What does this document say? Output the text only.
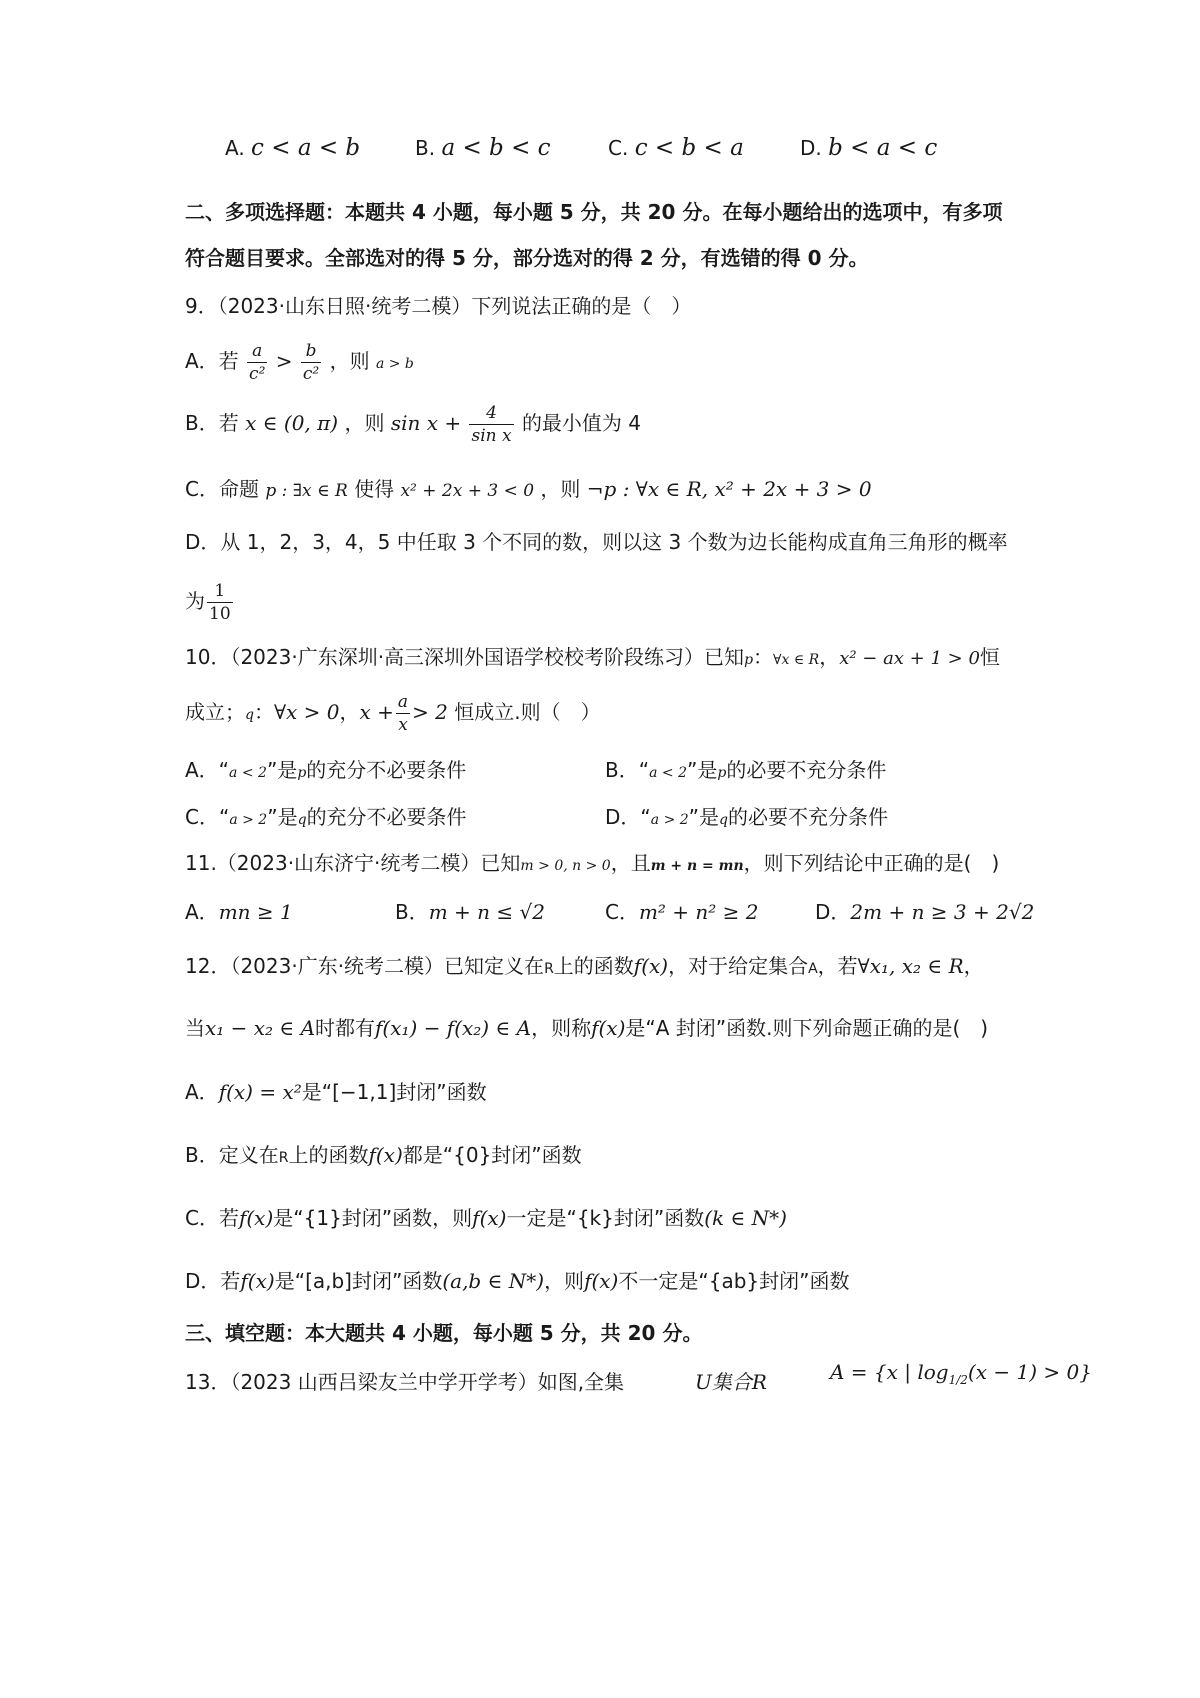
A. c < a < b	B. a < b < c	C. c < b < a	D. b < a < c
二、多项选择题：本题共 4 小题，每小题 5 分，共 20 分。在每小题给出的选项中，有多项
符合题目要求。全部选对的得 5 分，部分选对的得 2 分，有选错的得 0 分。
9．（2023·山东日照·统考二模）下列说法正确的是（　）
A．若 $\frac{a}{\text{c²}} > \frac{b}{\text{c²}}$ ，则 a > b
B．若 x ∈ (0, π) ，则 $\sin x + \frac{4}{\text{sin x}}$ 的最小值为 4
C．命题 p : ∃x ∈ R 使得 x² + 2x + 3 < 0 ，则 ¬p : ∀x ∈ R, x² + 2x + 3 > 0
D．从 1，2，3，4，5 中任取 3 个不同的数，则以这 3 个数为边长能构成直角三角形的概率
为 $\frac{1}{10}$
10．（2023·广东深圳·高三深圳外国语学校校考阶段练习）已知p：∀x ∈ R，x² − ax + 1 > 0恒
成立；q：∀x > 0，$x + \frac{a}{x} > 2$ 恒成立.则（　）
A．“a < 2”是p的充分不必要条件	B．“a < 2”是p的必要不充分条件
C．“a > 2”是q的充分不必要条件	D．“a > 2”是q的必要不充分条件
11.（2023·山东济宁·统考二模）已知m > 0, n > 0，且m + n = mn，则下列结论中正确的是(　)
A．mn ≥ 1	B．m + n ≤ √2	C．m² + n² ≥ 2	D．2m + n ≥ 3 + 2√2
12．（2023·广东·统考二模）已知定义在R上的函数f(x)，对于给定集合A，若∀x₁, x₂ ∈ R，
当x₁ − x₂ ∈ A时都有f(x₁) − f(x₂) ∈ A，则称f(x)是“A 封闭”函数.则下列命题正确的是(　)
A．f(x) = x²是“[−1,1]封闭”函数
B．定义在R上的函数f(x)都是“{0}封闭”函数
C．若f(x)是“{1}封闭”函数，则f(x)一定是“{k}封闭”函数(k ∈ N*)
D．若f(x)是“[a,b]封闭”函数(a,b ∈ N*)，则f(x)不一定是“{ab}封闭”函数
三、填空题：本大题共 4 小题，每小题 5 分，共 20 分。
13．（2023 山西吕梁友兰中学开学考）如图,全集	U集合R	A = {x | $\log_{1/2}(x - 1) > 0$}
